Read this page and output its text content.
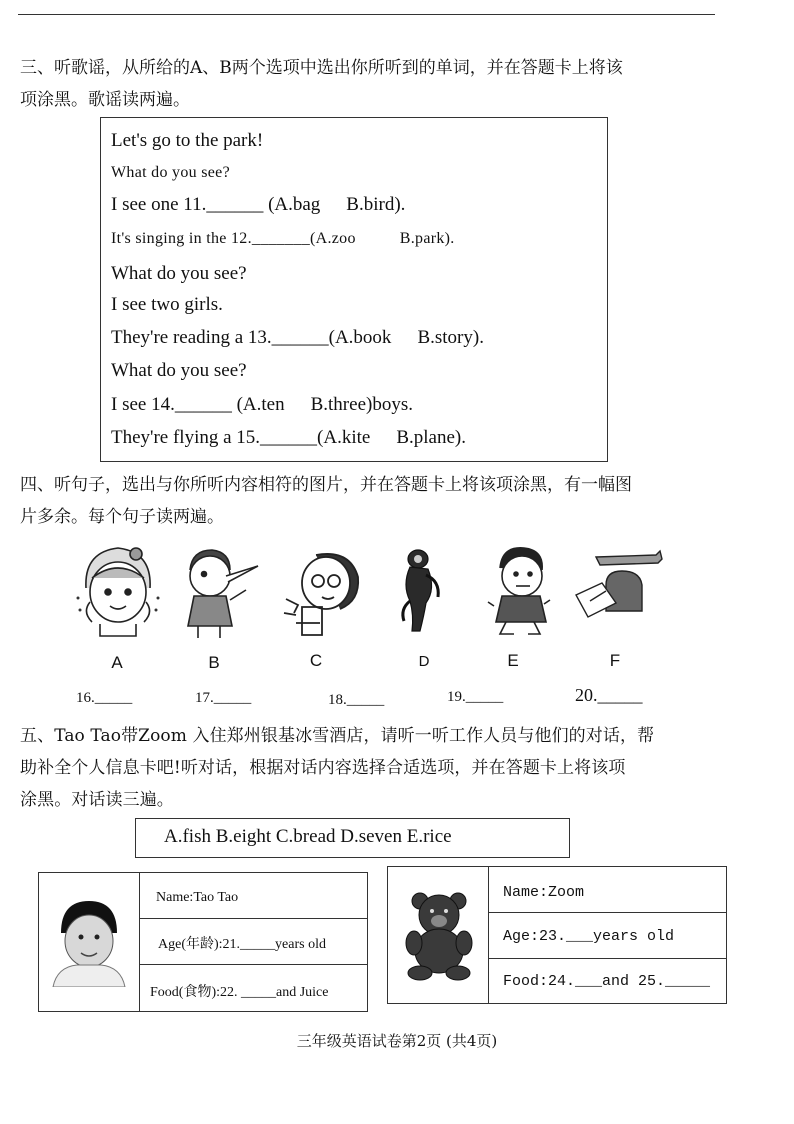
三、听歌谣，从所给的A、B两个选项中选出你所听到的单词，并在答题卡上将该
项涂黑。歌谣读两遍。
Let's go to the park!
What do you see?
I see one 11.______ (A.bag B.bird).
It's singing in the 12._______(A.zoo	B.park).
What do you see?
I see two girls.
They're reading a 13.______(A.book B.story).
What do you see?
I see 14.______ (A.ten B.three)boys.
They're flying a 15.______(A.kite B.plane).
四、听句子，选出与你所听内容相符的图片，并在答题卡上将该项涂黑，有一幅图
片多余。每个句子读两遍。
A	B	C	D	E	F
16._____	17._____	18._____	19._____	20._____
五、Tao Tao带Zoom 入住郑州银基冰雪酒店，请听一听工作人员与他们的对话，帮
助补全个人信息卡吧!听对话，根据对话内容选择合适选项，并在答题卡上将该项
涂黑。对话读三遍。
A.fish B.eight C.bread D.seven E.rice
Name:Tao Tao
Age(年龄):21._____years old
Food(食物):22. _____and Juice
Name:Zoom
Age:23.___years old
Food:24.___and 25._____
三年级英语试卷第2页 (共4页)
